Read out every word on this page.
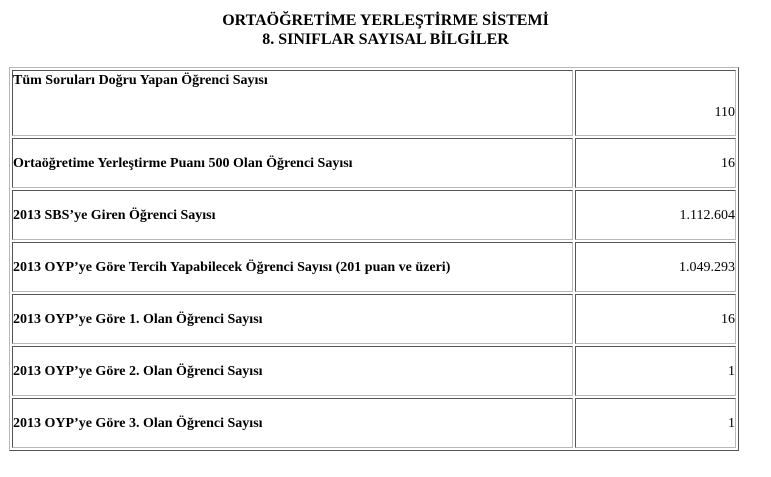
ORTAÖĞRETİME YERLEŞTİRME SİSTEMİ
8. SINIFLAR SAYISAL BİLGİLER
Tüm Soruları Doğru Yapan Öğrenci Sayısı	110
Ortaöğretime Yerleştirme Puanı 500 Olan Öğrenci Sayısı	16
2013 SBS’ye Giren Öğrenci Sayısı	1.112.604
2013 OYP’ye Göre Tercih Yapabilecek Öğrenci Sayısı (201 puan ve üzeri)	1.049.293
2013 OYP’ye Göre 1. Olan Öğrenci Sayısı	16
2013 OYP’ye Göre 2. Olan Öğrenci Sayısı	1
2013 OYP’ye Göre 3. Olan Öğrenci Sayısı	1
